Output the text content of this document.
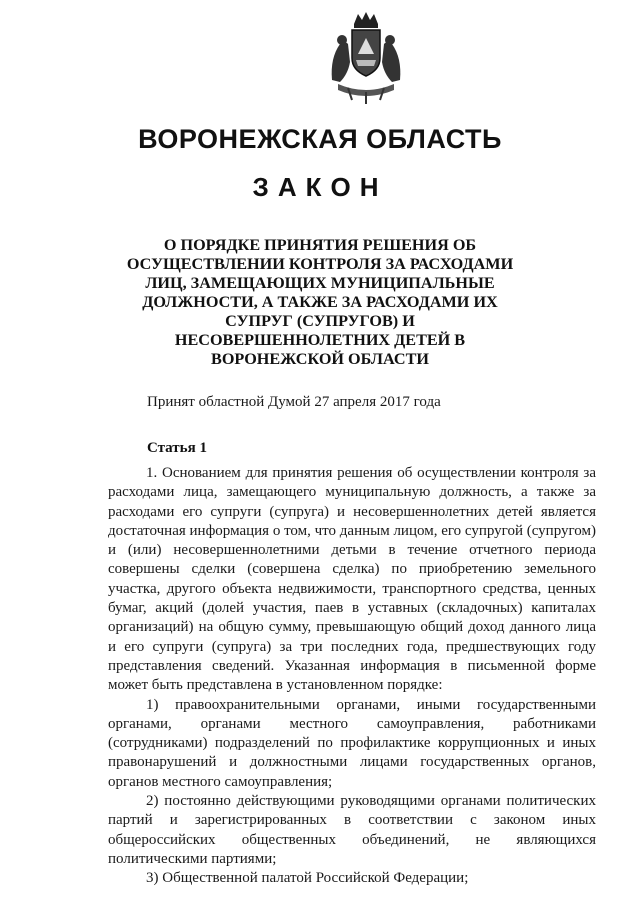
ВОРОНЕЖСКАЯ ОБЛАСТЬ
ЗАКОН
О ПОРЯДКЕ ПРИНЯТИЯ РЕШЕНИЯ ОБ
ОСУЩЕСТВЛЕНИИ КОНТРОЛЯ ЗА РАСХОДАМИ
ЛИЦ, ЗАМЕЩАЮЩИХ МУНИЦИПАЛЬНЫЕ
ДОЛЖНОСТИ, А ТАКЖЕ ЗА РАСХОДАМИ ИХ
СУПРУГ (СУПРУГОВ) И
НЕСОВЕРШЕННОЛЕТНИХ ДЕТЕЙ В
ВОРОНЕЖСКОЙ ОБЛАСТИ
Принят областной Думой 27 апреля 2017 года
Статья 1

1. Основанием для принятия решения об осуществлении контроля за расходами лица, замещающего муниципальную должность, а также за расходами его супруги (супруга) и несовершеннолетних детей является достаточная информация о том, что данным лицом, его супругой (супругом) и (или) несовершеннолетними детьми в течение отчетного периода совершены сделки (совершена сделка) по приобретению земельного участка, другого объекта недвижимости, транспортного средства, ценных бумаг, акций (долей участия, паев в уставных (складочных) капиталах организаций) на общую сумму, превышающую общий доход данного лица и его супруги (супруга) за три последних года, предшествующих году представления сведений. Указанная информация в письменной форме может быть представлена в установленном порядке:

1) правоохранительными органами, иными государственными органами, органами местного самоуправления, работниками (сотрудниками) подразделений по профилактике коррупционных и иных правонарушений и должностными лицами государственных органов, органов местного самоуправления;

2) постоянно действующими руководящими органами политических партий и зарегистрированных в соответствии с законом иных общероссийских общественных объединений, не являющихся политическими партиями;

3) Общественной палатой Российской Федерации;
